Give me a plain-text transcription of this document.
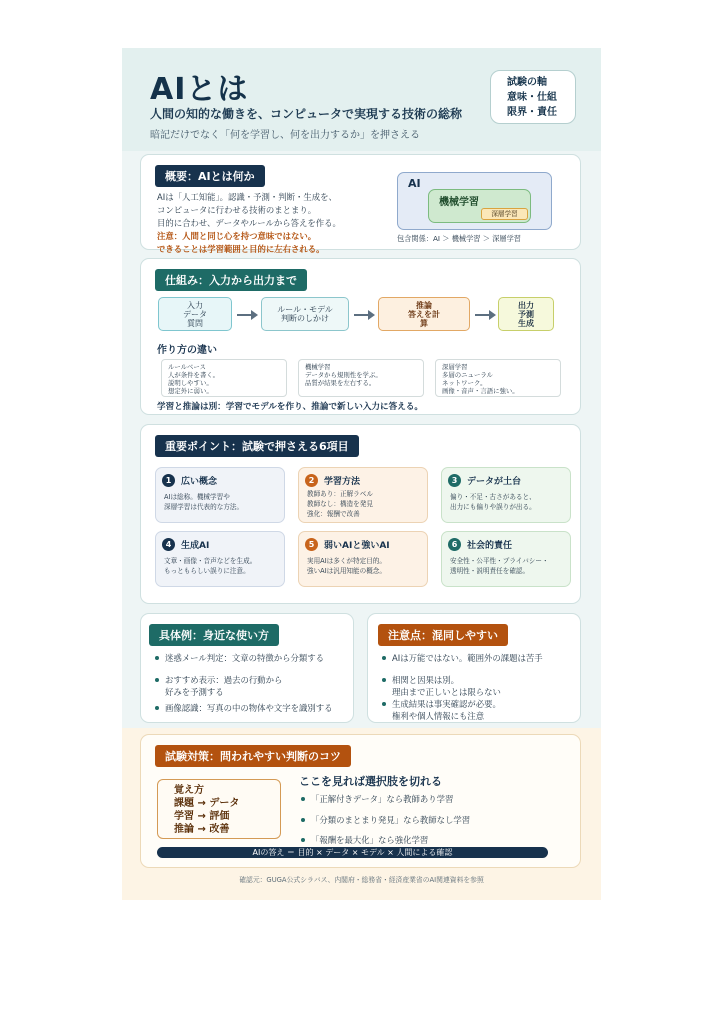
AIとは
人間の知的な働きを、コンピュータで実現する技術の総称
暗記だけでなく「何を学習し、何を出力するか」を押さえる
試験の軸
意味・仕組
限界・責任
概要：AIとは何か
AIは「人工知能」。認識・予測・判断・生成を、
コンピュータに行わせる技術のまとまり。
目的に合わせ、データやルールから答えを作る。
注意：人間と同じ心を持つ意味ではない。
できることは学習範囲と目的に左右される。
AI
機械学習
深層学習
包含関係：AI ＞ 機械学習 ＞ 深層学習
仕組み：入力から出力まで
入力
データ
質問
ルール・モデル
判断のしかけ
推論
答えを計
算
出力
予測
生成
作り方の違い
ルールベース
人が条件を書く。
説明しやすい。
想定外に弱い。
機械学習
データから規則性を学ぶ。
品質が結果を左右する。
深層学習
多層のニューラル
ネットワーク。
画像・音声・言語に強い。
学習と推論は別：学習でモデルを作り、推論で新しい入力に答える。
重要ポイント：試験で押さえる6項目
1	広い概念
AIは総称。機械学習や
深層学習は代表的な方法。
2	学習方法
教師あり：正解ラベル
教師なし：構造を発見
強化：報酬で改善
3	データが土台
偏り・不足・古さがあると、
出力にも偏りや誤りが出る。
4	生成AI
文章・画像・音声などを生成。
もっともらしい誤りに注意。
5	弱いAIと強いAI
実用AIは多くが特定目的。
強いAIは汎用知能の概念。
6	社会的責任
安全性・公平性・プライバシー・
透明性・説明責任を確認。
具体例：身近な使い方
迷惑メール判定：文章の特徴から分類する
おすすめ表示：過去の行動から
好みを予測する
画像認識：写真の中の物体や文字を識別する
注意点：混同しやすい
AIは万能ではない。範囲外の課題は苦手
相関と因果は別。
理由まで正しいとは限らない
生成結果は事実確認が必要。
権利や個人情報にも注意
試験対策：問われやすい判断のコツ
覚え方
課題 → データ
学習 → 評価
推論 → 改善
ここを見れば選択肢を切れる
「正解付きデータ」なら教師あり学習
「分類のまとまり発見」なら教師なし学習
「報酬を最大化」なら強化学習
AIの答え ＝ 目的 × データ × モデル × 人間による確認
確認元：GUGA公式シラバス、内閣府・総務省・経済産業省のAI関連資料を参照
